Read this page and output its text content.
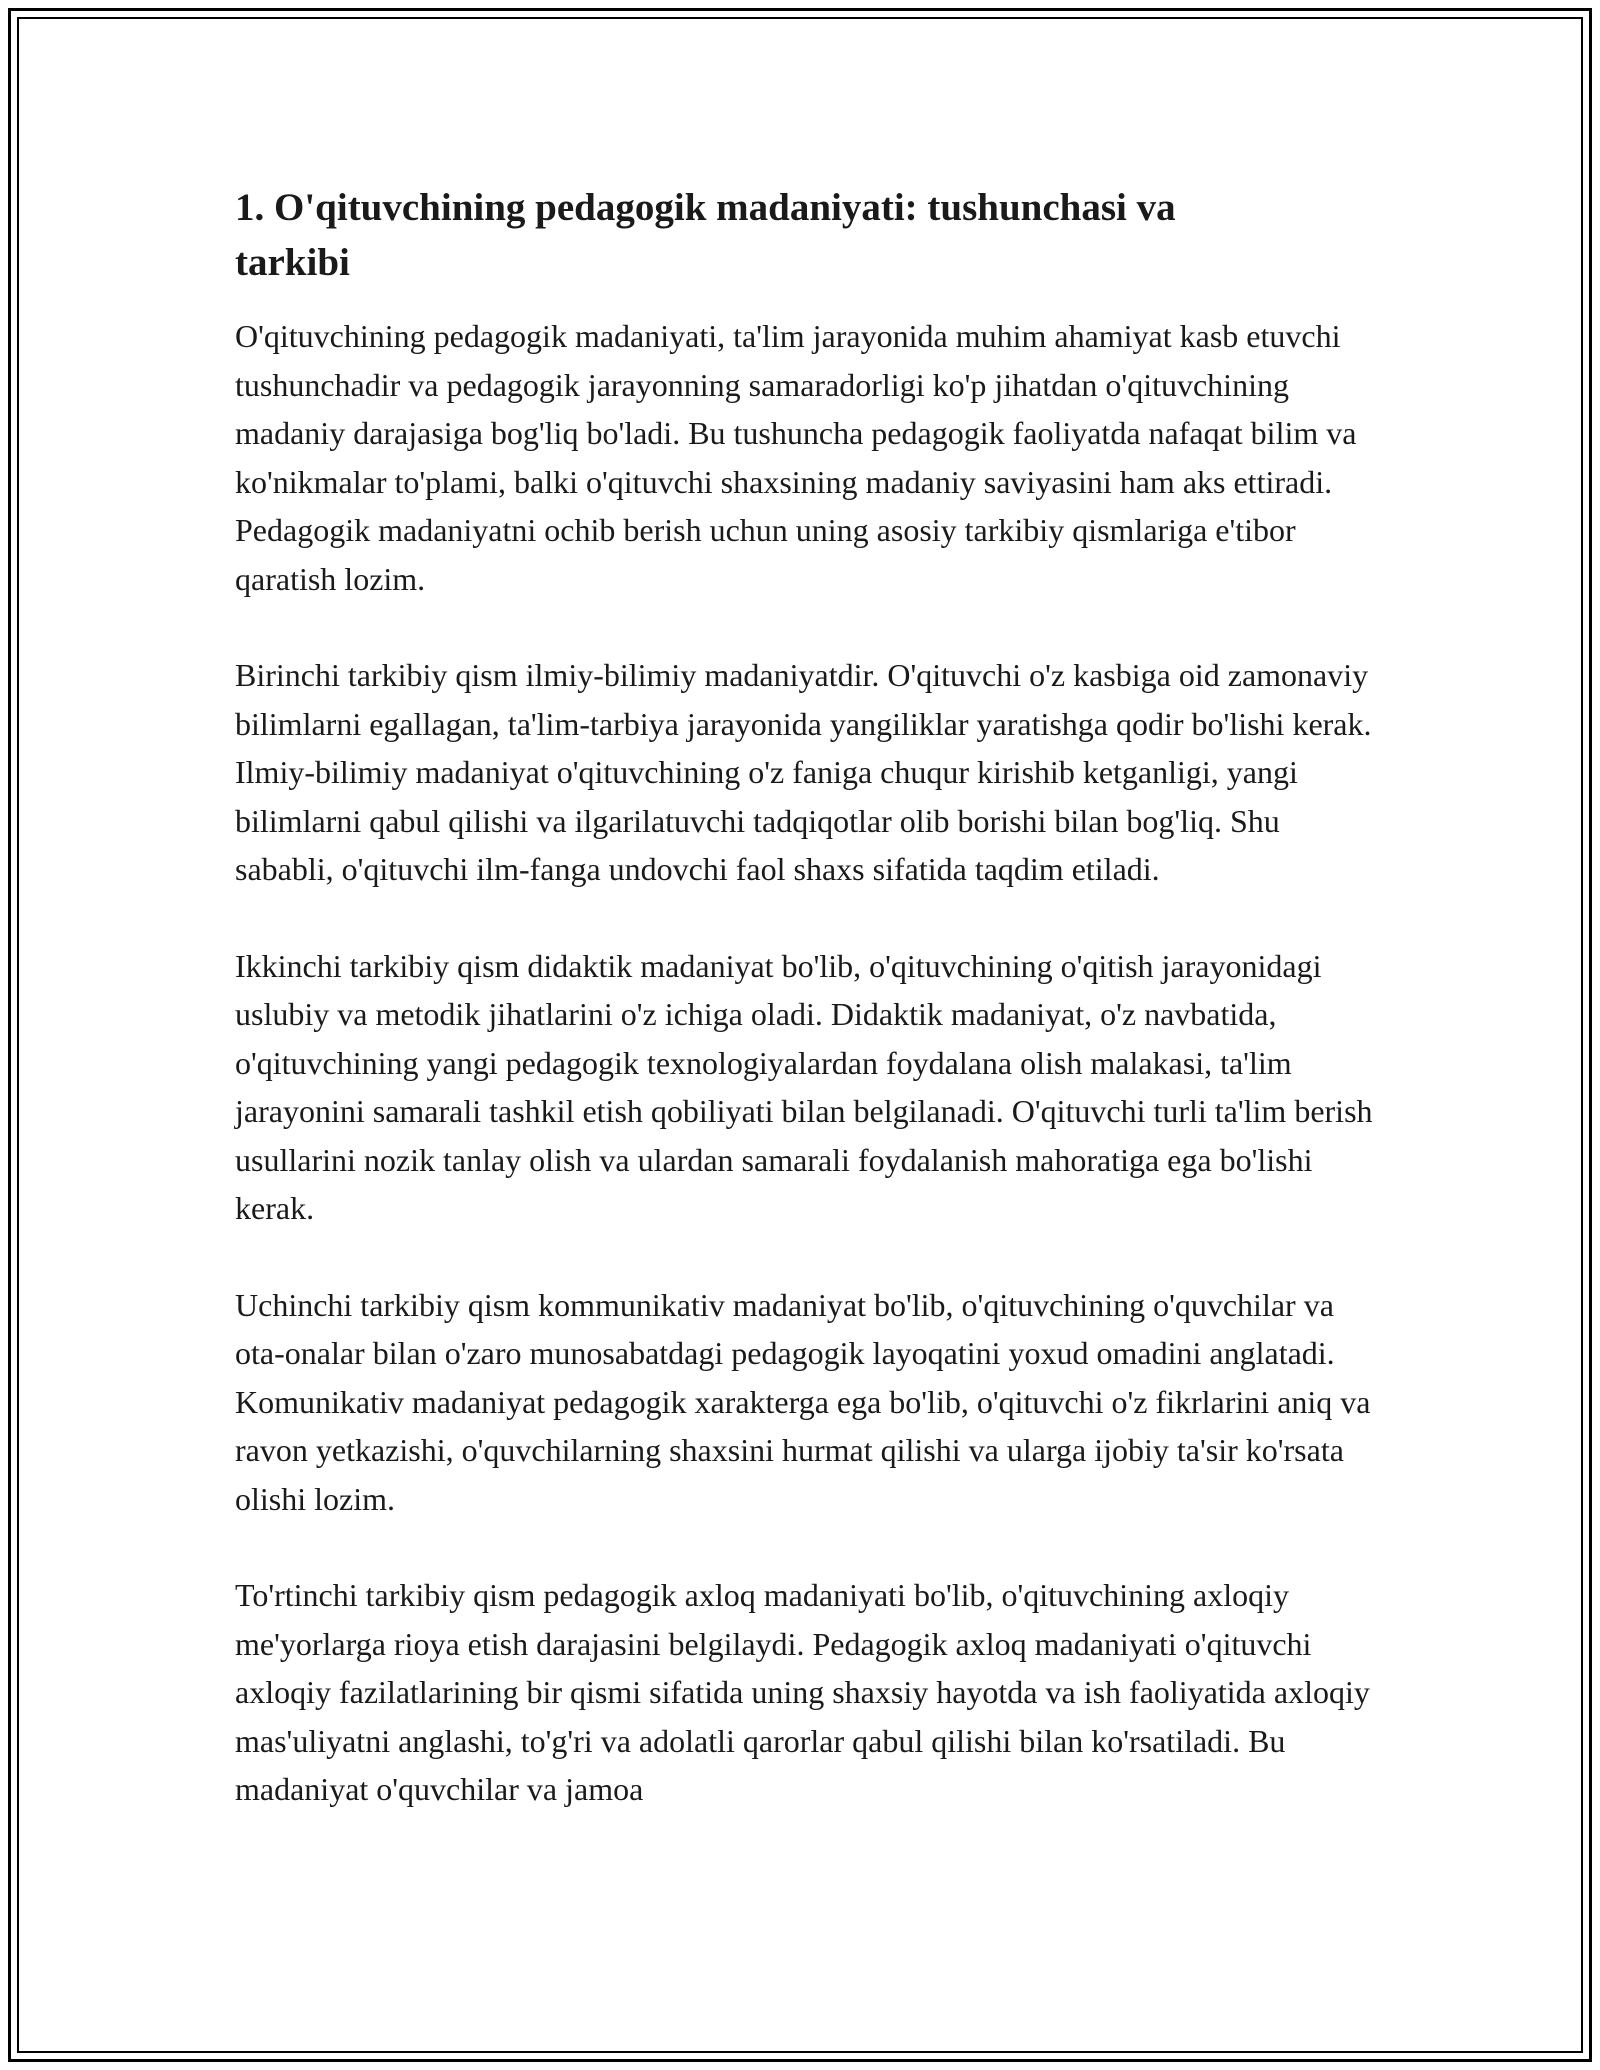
1. O'qituvchining pedagogik madaniyati: tushunchasi va tarkibi

O'qituvchining pedagogik madaniyati, ta'lim jarayonida muhim ahamiyat kasb etuvchi tushunchadir va pedagogik jarayonning samaradorligi ko'p jihatdan o'qituvchining madaniy darajasiga bog'liq bo'ladi. Bu tushuncha pedagogik faoliyatda nafaqat bilim va ko'nikmalar to'plami, balki o'qituvchi shaxsining madaniy saviyasini ham aks ettiradi. Pedagogik madaniyatni ochib berish uchun uning asosiy tarkibiy qismlariga e'tibor qaratish lozim.

Birinchi tarkibiy qism ilmiy-bilimiy madaniyatdir. O'qituvchi o'z kasbiga oid zamonaviy bilimlarni egallagan, ta'lim-tarbiya jarayonida yangiliklar yaratishga qodir bo'lishi kerak. Ilmiy-bilimiy madaniyat o'qituvchining o'z faniga chuqur kirishib ketganligi, yangi bilimlarni qabul qilishi va ilgarilatuvchi tadqiqotlar olib borishi bilan bog'liq. Shu sababli, o'qituvchi ilm-fanga undovchi faol shaxs sifatida taqdim etiladi.

Ikkinchi tarkibiy qism didaktik madaniyat bo'lib, o'qituvchining o'qitish jarayonidagi uslubiy va metodik jihatlarini o'z ichiga oladi. Didaktik madaniyat, o'z navbatida, o'qituvchining yangi pedagogik texnologiyalardan foydalana olish malakasi, ta'lim jarayonini samarali tashkil etish qobiliyati bilan belgilanadi. O'qituvchi turli ta'lim berish usullarini nozik tanlay olish va ulardan samarali foydalanish mahoratiga ega bo'lishi kerak.

Uchinchi tarkibiy qism kommunikativ madaniyat bo'lib, o'qituvchining o'quvchilar va ota-onalar bilan o'zaro munosabatdagi pedagogik layoqatini yoxud omadini anglatadi. Komunikativ madaniyat pedagogik xarakterga ega bo'lib, o'qituvchi o'z fikrlarini aniq va ravon yetkazishi, o'quvchilarning shaxsini hurmat qilishi va ularga ijobiy ta'sir ko'rsata olishi lozim.

To'rtinchi tarkibiy qism pedagogik axloq madaniyati bo'lib, o'qituvchining axloqiy me'yorlarga rioya etish darajasini belgilaydi. Pedagogik axloq madaniyati o'qituvchi axloqiy fazilatlarining bir qismi sifatida uning shaxsiy hayotda va ish faoliyatida axloqiy mas'uliyatni anglashi, to'g'ri va adolatli qarorlar qabul qilishi bilan ko'rsatiladi. Bu madaniyat o'quvchilar va jamoa
